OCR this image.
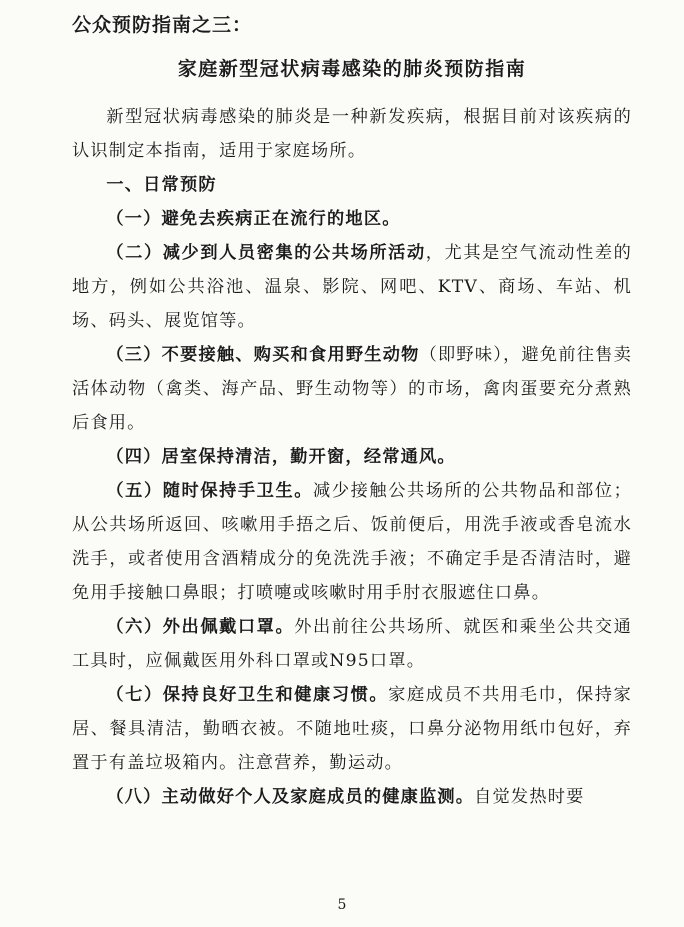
公众预防指南之三：
家庭新型冠状病毒感染的肺炎预防指南

新型冠状病毒感染的肺炎是一种新发疾病，根据目前对该疾病的认识制定本指南，适用于家庭场所。

一、日常预防

（一）避免去疾病正在流行的地区。

（二）减少到人员密集的公共场所活动，尤其是空气流动性差的地方，例如公共浴池、温泉、影院、网吧、KTV、商场、车站、机场、码头、展览馆等。

（三）不要接触、购买和食用野生动物（即野味），避免前往售卖活体动物（禽类、海产品、野生动物等）的市场，禽肉蛋要充分煮熟后食用。

（四）居室保持清洁，勤开窗，经常通风。

（五）随时保持手卫生。减少接触公共场所的公共物品和部位；从公共场所返回、咳嗽用手捂之后、饭前便后，用洗手液或香皂流水洗手，或者使用含酒精成分的免洗洗手液；不确定手是否清洁时，避免用手接触口鼻眼；打喷嚏或咳嗽时用手肘衣服遮住口鼻。

（六）外出佩戴口罩。外出前往公共场所、就医和乘坐公共交通工具时，应佩戴医用外科口罩或N95口罩。

（七）保持良好卫生和健康习惯。家庭成员不共用毛巾，保持家居、餐具清洁，勤晒衣被。不随地吐痰，口鼻分泌物用纸巾包好，弃置于有盖垃圾箱内。注意营养，勤运动。

（八）主动做好个人及家庭成员的健康监测。自觉发热时要

5
